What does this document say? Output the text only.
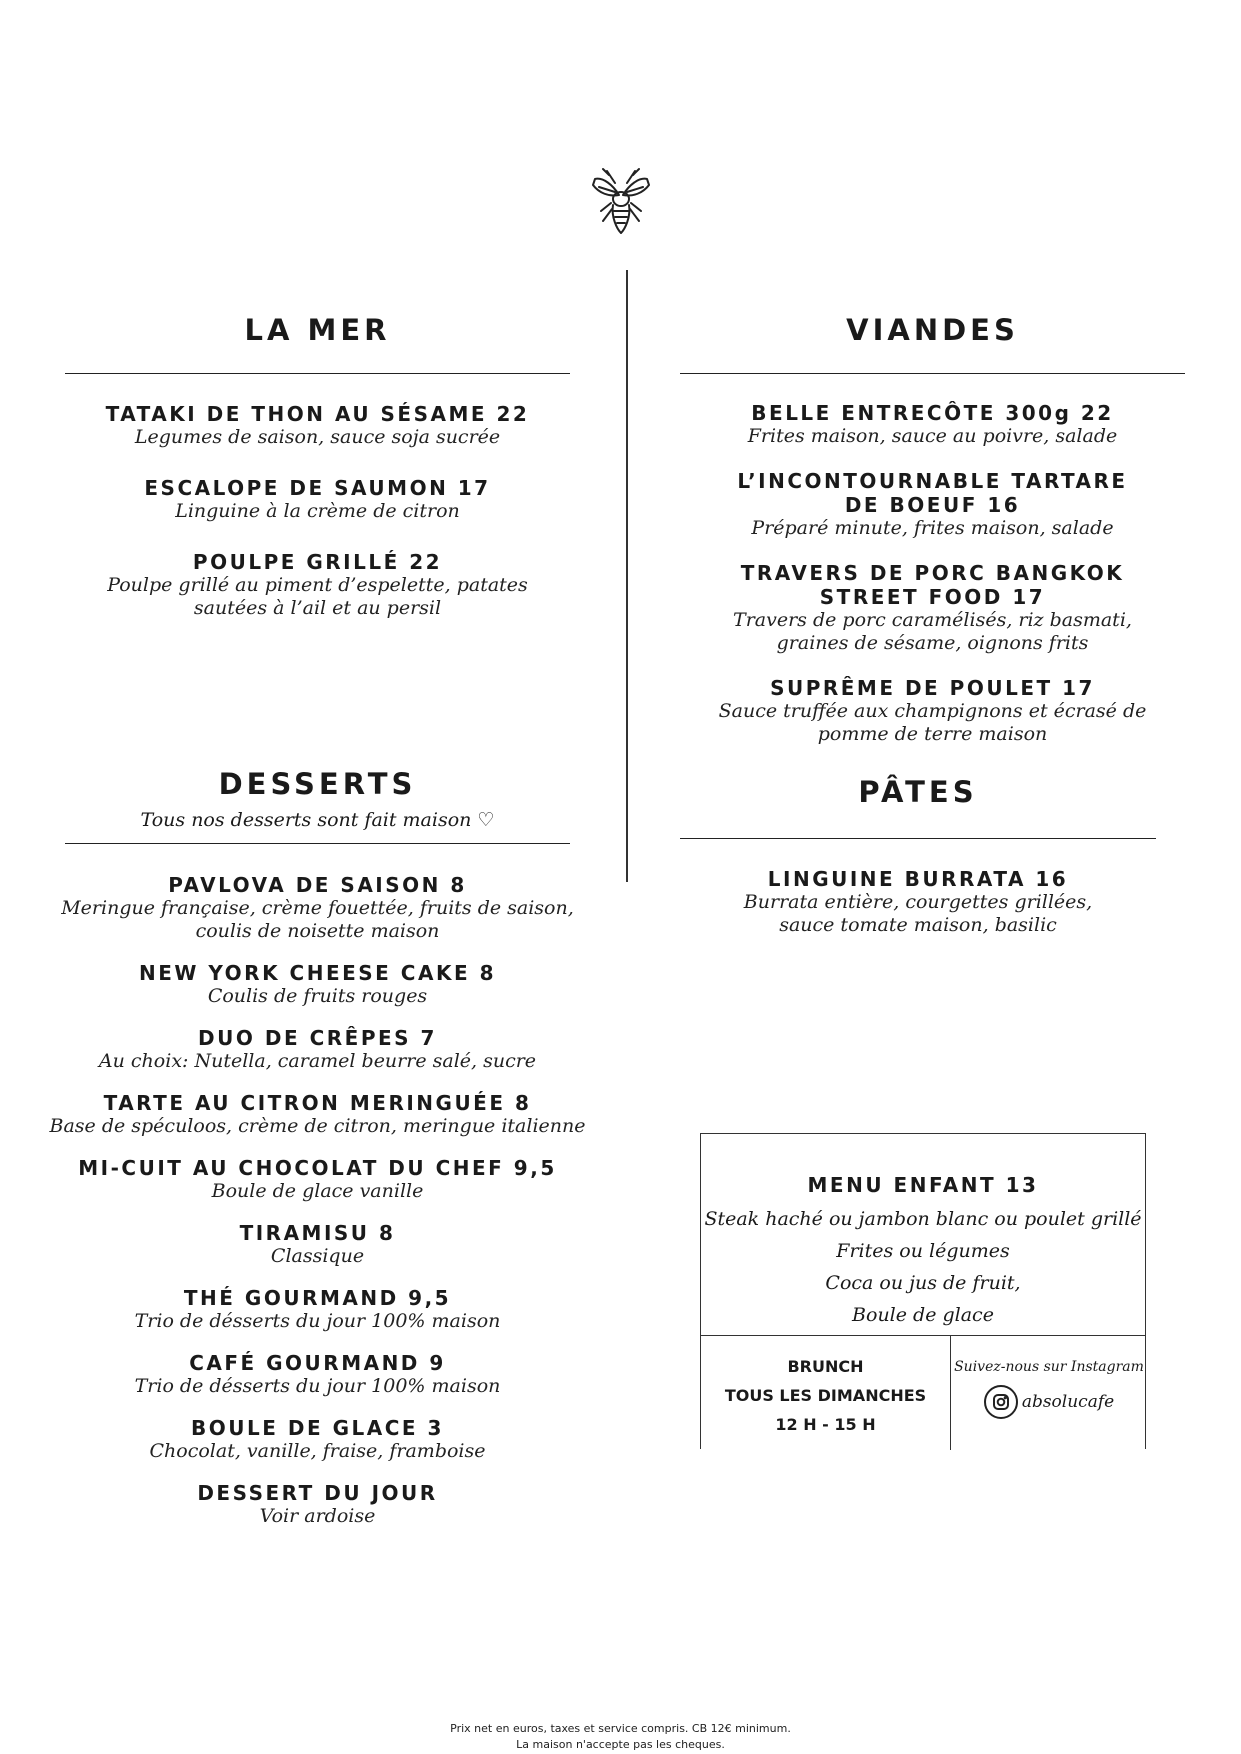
LA MER
TATAKI DE THON AU SÉSAME 22
Legumes de saison, sauce soja sucrée
ESCALOPE DE SAUMON 17
Linguine à la crème de citron
POULPE GRILLÉ 22
Poulpe grillé au piment d’espelette, patates
sautées à l’ail et au persil
DESSERTS
Tous nos desserts sont fait maison ♡
PAVLOVA DE SAISON 8
Meringue française, crème fouettée, fruits de saison,
coulis de noisette maison
NEW YORK CHEESE CAKE 8
Coulis de fruits rouges
DUO DE CRÊPES 7
Au choix: Nutella, caramel beurre salé, sucre
TARTE AU CITRON MERINGUÉE 8
Base de spéculoos, crème de citron, meringue italienne
MI-CUIT AU CHOCOLAT DU CHEF 9,5
Boule de glace vanille
TIRAMISU 8
Classique
THÉ GOURMAND 9,5
Trio de désserts du jour 100% maison
CAFÉ GOURMAND 9
Trio de désserts du jour 100% maison
BOULE DE GLACE 3
Chocolat, vanille, fraise, framboise
DESSERT DU JOUR
Voir ardoise
VIANDES
BELLE ENTRECÔTE 300g 22
Frites maison, sauce au poivre, salade
L’INCONTOURNABLE TARTARE
DE BOEUF 16
Préparé minute, frites maison, salade
TRAVERS DE PORC BANGKOK
STREET FOOD 17
Travers de porc caramélisés, riz basmati,
graines de sésame, oignons frits
SUPRÊME DE POULET 17
Sauce truffée aux champignons et écrasé de
pomme de terre maison
PÂTES
LINGUINE BURRATA 16
Burrata entière, courgettes grillées,
sauce tomate maison, basilic
MENU ENFANT 13
Steak haché ou jambon blanc ou poulet grillé
Frites ou légumes
Coca ou jus de fruit,
Boule de glace
BRUNCH
TOUS LES DIMANCHES
12 H - 15 H
Suivez-nous sur Instagram
absolucafe
Prix net en euros, taxes et service compris. CB 12€ minimum.
La maison n'accepte pas les cheques.
